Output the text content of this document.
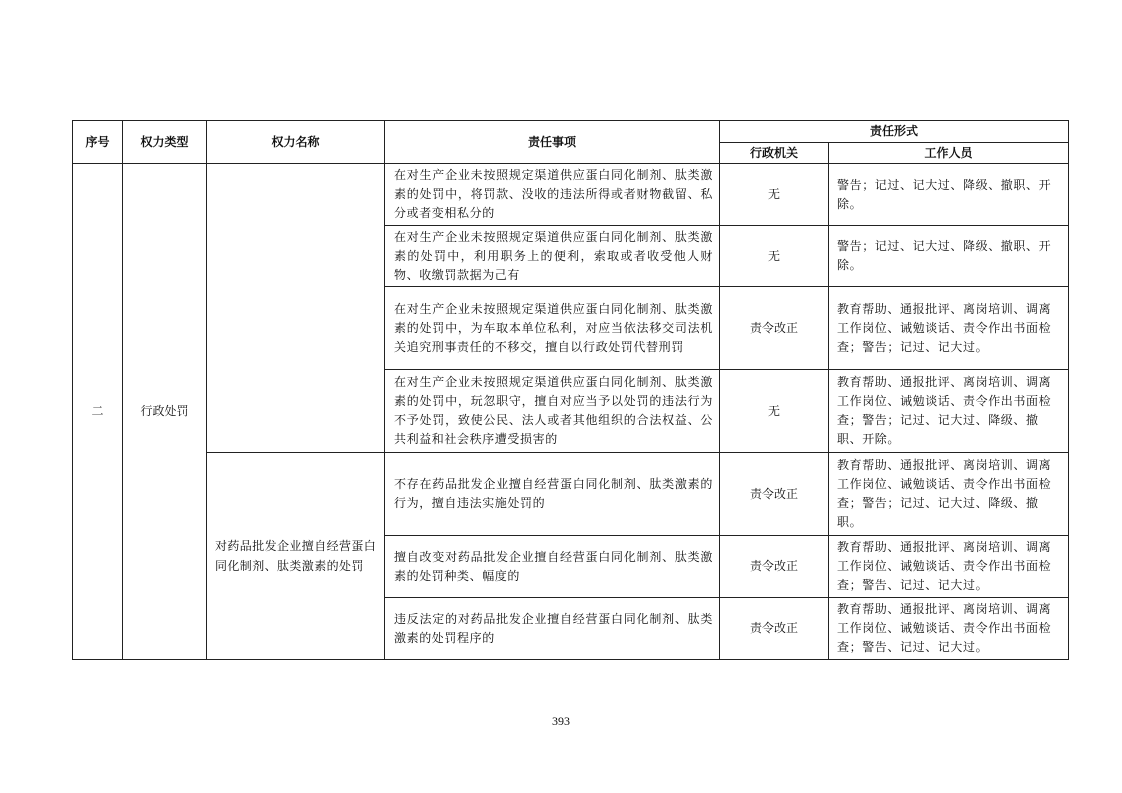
序号	权力类型	权力名称	责任事项	责任形式	
				行政机关	工作人员
二	行政处罚		在对生产企业未按照规定渠道供应蛋白同化制剂、肽类激素的处罚中，将罚款、没收的违法所得或者财物截留、私分或者变相私分的	无	警告；记过、记大过、降级、撤职、开除。
			在对生产企业未按照规定渠道供应蛋白同化制剂、肽类激素的处罚中，利用职务上的便利，索取或者收受他人财物、收缴罚款据为己有	无	警告；记过、记大过、降级、撤职、开除。
			在对生产企业未按照规定渠道供应蛋白同化制剂、肽类激素的处罚中，为车取本单位私利，对应当依法移交司法机关追究刑事责任的不移交，擅自以行政处罚代替刑罚	责令改正	教育帮助、通报批评、离岗培训、调离工作岗位、诫勉谈话、责令作出书面检查；警告；记过、记大过。
			在对生产企业未按照规定渠道供应蛋白同化制剂、肽类激素的处罚中，玩忽职守，擅自对应当予以处罚的违法行为不予处罚，致使公民、法人或者其他组织的合法权益、公共利益和社会秩序遭受损害的	无	教育帮助、通报批评、离岗培训、调离工作岗位、诫勉谈话、责令作出书面检查；警告；记过、记大过、降级、撤职、开除。
		对药品批发企业擅自经营蛋白同化制剂、肽类激素的处罚	不存在药品批发企业擅自经营蛋白同化制剂、肽类激素的行为，擅自违法实施处罚的	责令改正	教育帮助、通报批评、离岗培训、调离工作岗位、诫勉谈话、责令作出书面检查；警告；记过、记大过、降级、撤职。
			擅自改变对药品批发企业擅自经营蛋白同化制剂、肽类激素的处罚种类、幅度的	责令改正	教育帮助、通报批评、离岗培训、调离工作岗位、诫勉谈话、责令作出书面检查；警告、记过、记大过。
			违反法定的对药品批发企业擅自经营蛋白同化制剂、肽类激素的处罚程序的	责令改正	教育帮助、通报批评、离岗培训、调离工作岗位、诫勉谈话、责令作出书面检查；警告、记过、记大过。
393
